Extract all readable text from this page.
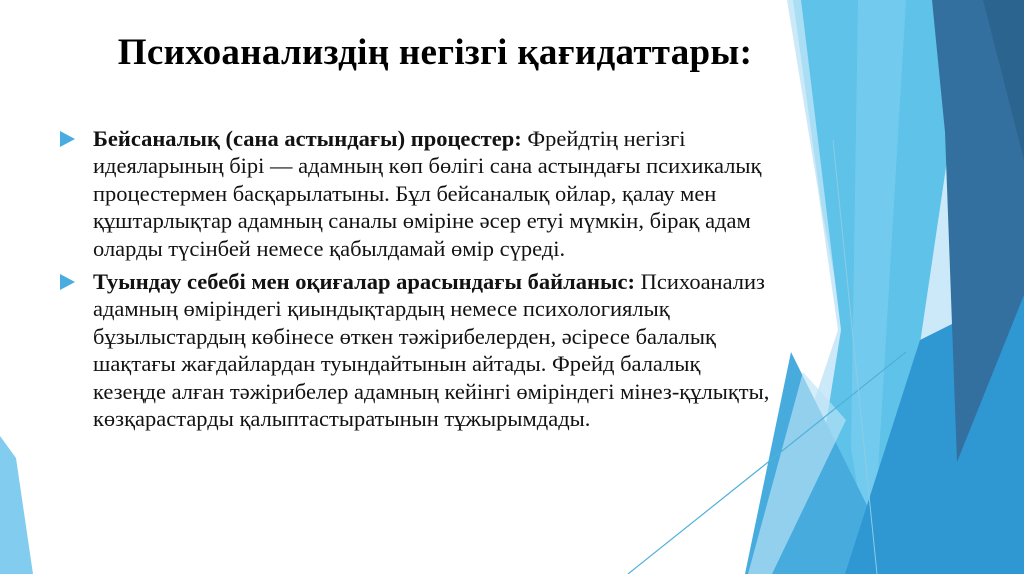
Психоанализдің негізгі қағидаттары:

Бейсаналық (сана астындағы) процестер: Фрейдтің негізгі идеяларының бірі — адамның көп бөлігі сана астындағы психикалық процестермен басқарылатыны. Бұл бейсаналық ойлар, қалау мен құштарлықтар адамның саналы өміріне әсер етуі мүмкін, бірақ адам оларды түсінбей немесе қабылдамай өмір сүреді.

Туындау себебі мен оқиғалар арасындағы байланыс: Психоанализ адамның өміріндегі қиындықтардың немесе психологиялық бұзылыстардың көбінесе өткен тәжірибелерден, әсіресе балалық шақтағы жағдайлардан туындайтынын айтады. Фрейд балалық кезеңде алған тәжірибелер адамның кейінгі өміріндегі мінез-құлықты, көзқарастарды қалыптастыратынын тұжырымдады.
